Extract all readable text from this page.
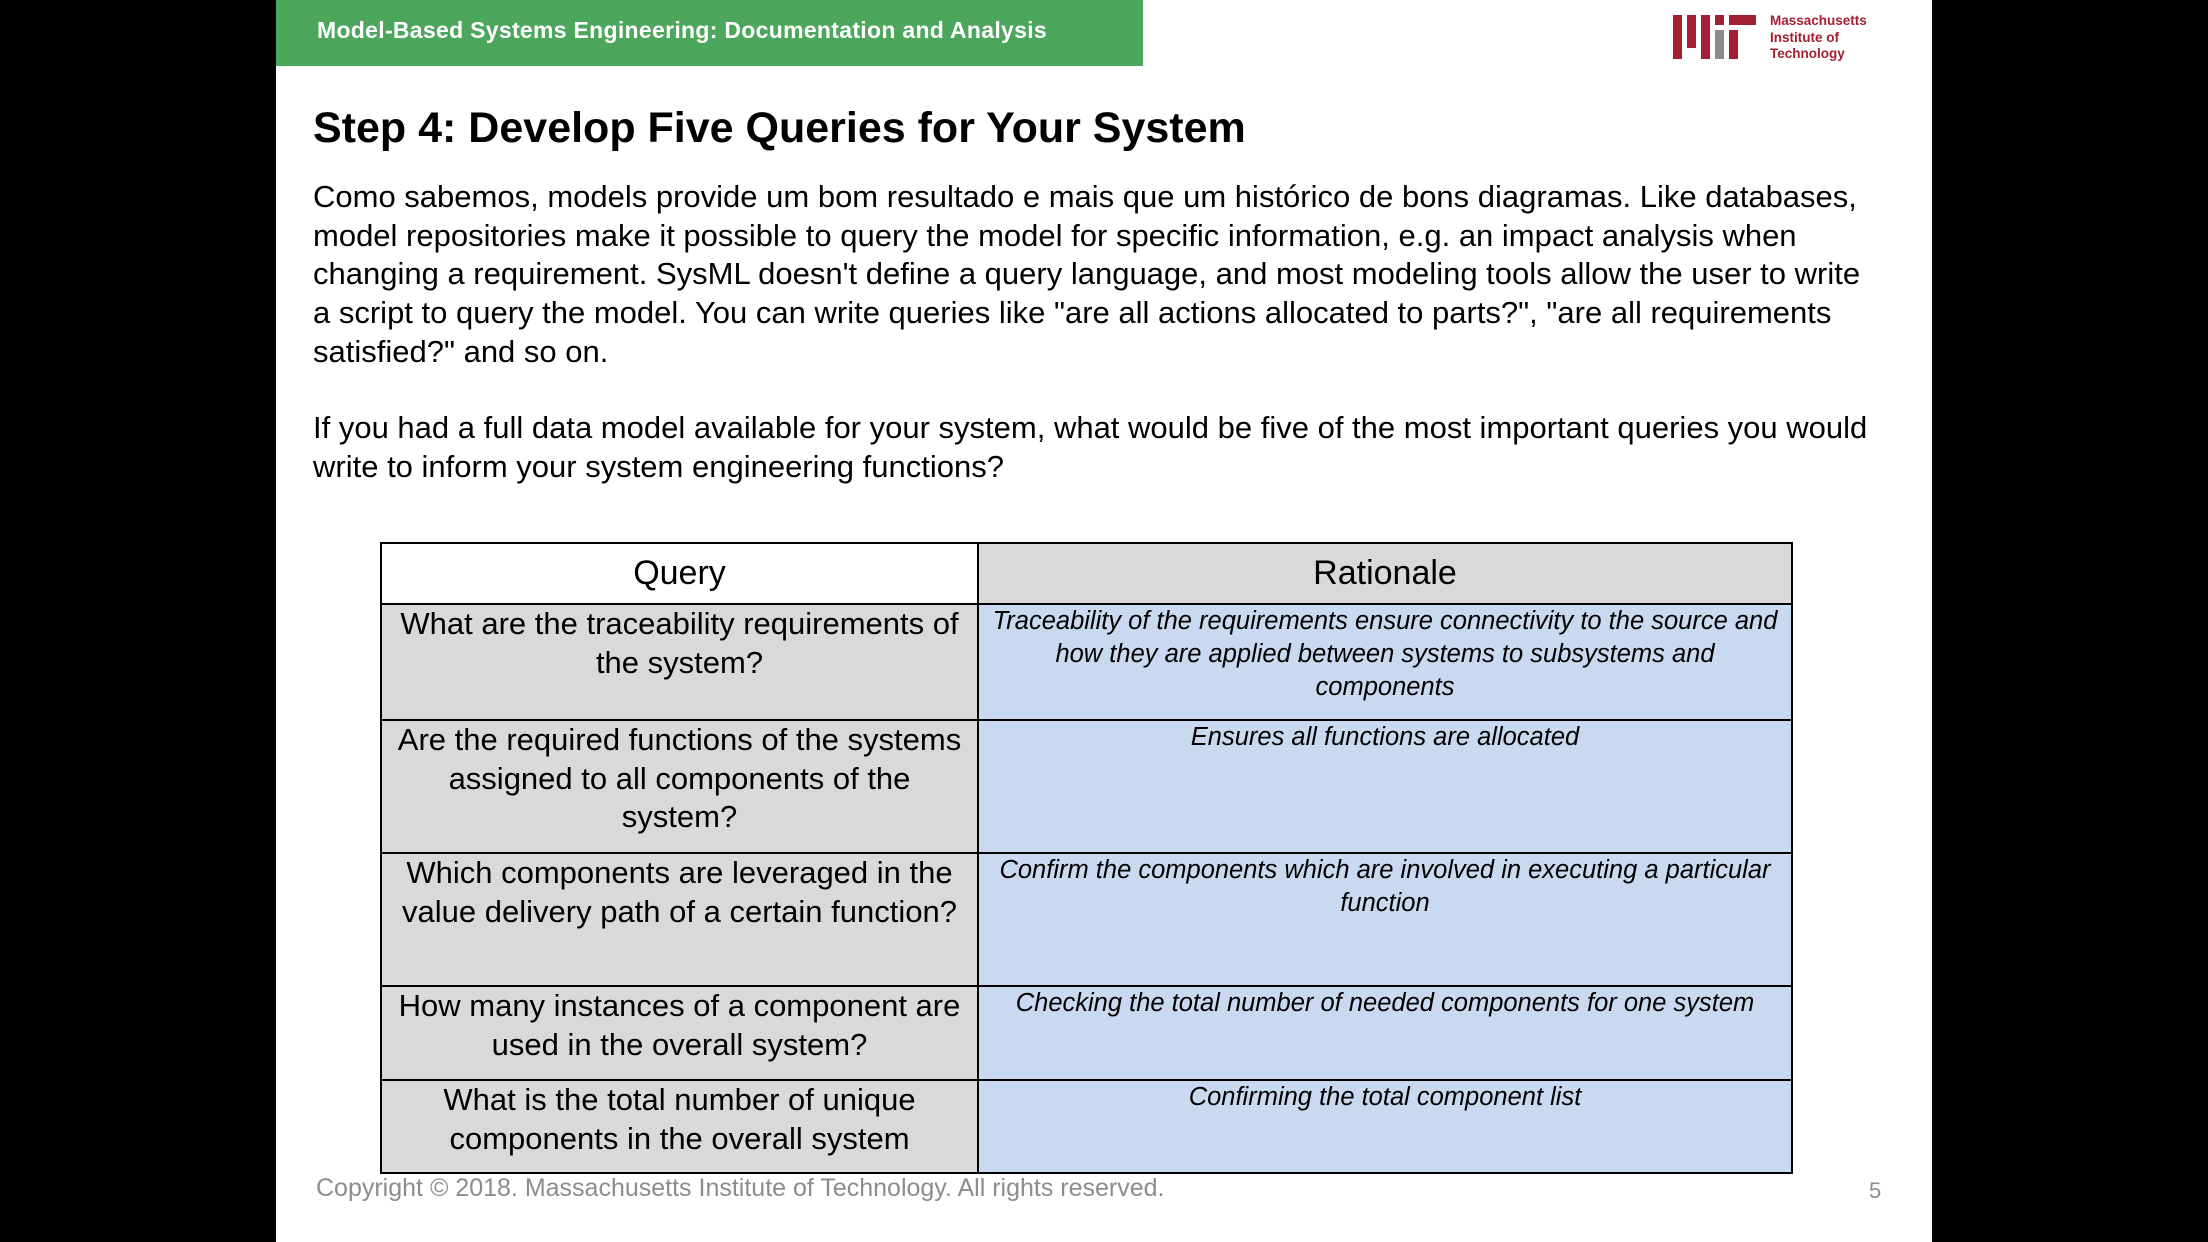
Model-Based Systems Engineering: Documentation and Analysis	Massachusetts
Institute of
Technology
Step 4: Develop Five Queries for Your System

Como sabemos, models provide um bom resultado e mais que um histórico de bons diagramas. Like databases, model repositories make it possible to query the model for specific information, e.g. an impact analysis when changing a requirement. SysML doesn't define a query language, and most modeling tools allow the user to write a script to query the model. You can write queries like "are all actions allocated to parts?", "are all requirements satisfied?" and so on.

If you had a full data model available for your system, what would be five of the most important queries you would write to inform your system engineering functions?

Query	Rationale
What are the traceability requirements of the system?	Traceability of the requirements ensure connectivity to the source and how they are applied between systems to subsystems and components
Are the required functions of the systems assigned to all components of the system?	Ensures all functions are allocated
Which components are leveraged in the value delivery path of a certain function?	Confirm the components which are involved in executing a particular function
How many instances of a component are used in the overall system?	Checking the total number of needed components for one system
What is the total number of unique components in the overall system	Confirming the total component list
Copyright © 2018. Massachusetts Institute of Technology. All rights reserved.	5
